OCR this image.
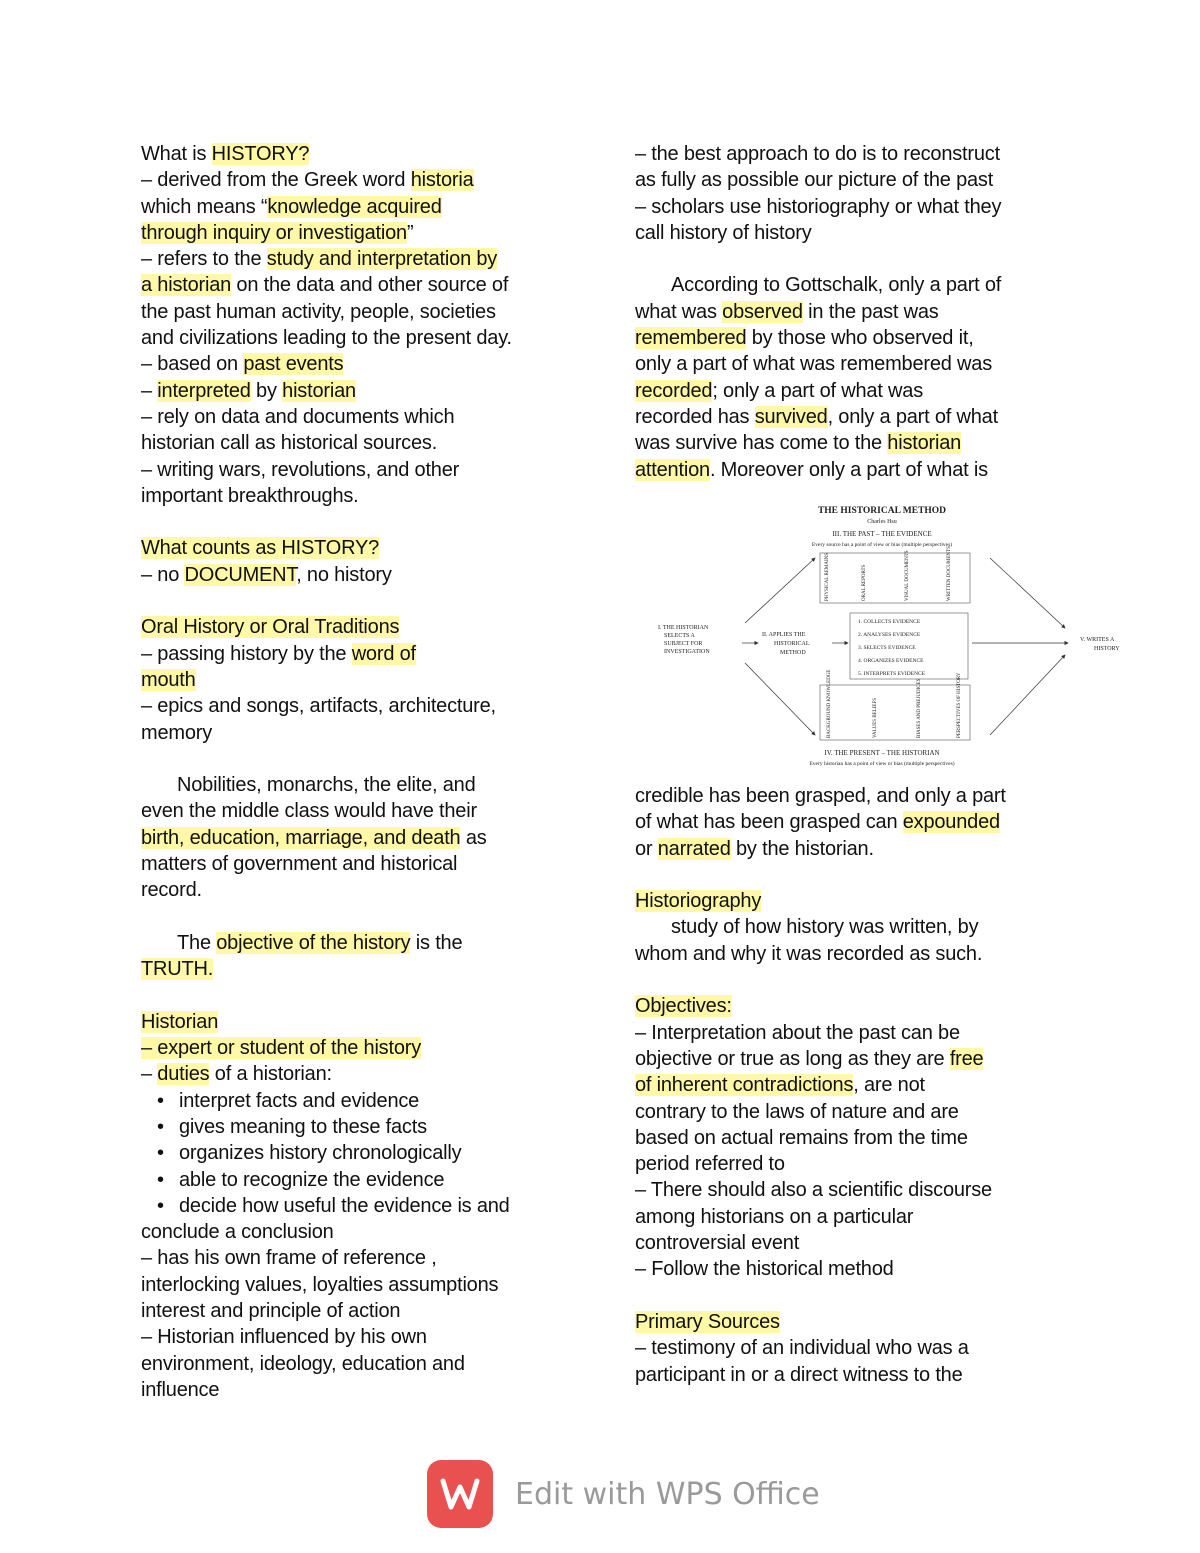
What is HISTORY?
– derived from the Greek word historia
which means “knowledge acquired
through inquiry or investigation”
– refers to the study and interpretation by
a historian on the data and other source of
the past human activity, people, societies
and civilizations leading to the present day.
– based on past events
– interpreted by historian
– rely on data and documents which
historian call as historical sources.
– writing wars, revolutions, and other
important breakthroughs.
What counts as HISTORY?
– no DOCUMENT, no history
Oral History or Oral Traditions
– passing history by the word of
mouth
– epics and songs, artifacts, architecture,
memory
Nobilities, monarchs, the elite, and
even the middle class would have their
birth, education, marriage, and death as
matters of government and historical
record.
The objective of the history is the
TRUTH.
Historian
– expert or student of the history
– duties of a historian:
• interpret facts and evidence
• gives meaning to these facts
• organizes history chronologically
• able to recognize the evidence
• decide how useful the evidence is and
conclude a conclusion
– has his own frame of reference ,
interlocking values, loyalties assumptions
interest and principle of action
– Historian influenced by his own
environment, ideology, education and
influence
– the best approach to do is to reconstruct
as fully as possible our picture of the past
– scholars use historiography or what they
call history of history
According to Gottschalk, only a part of
what was observed in the past was
remembered by those who observed it,
only a part of what was remembered was
recorded; only a part of what was
recorded has survived, only a part of what
was survive has come to the historian
attention. Moreover only a part of what is
THE HISTORICAL METHOD
Charles Hsu
III. THE PAST – THE EVIDENCE
Every source has a point of view or bias (multiple perspectives)
PHYSICAL REMAINS	ORAL REPORTS	VISUAL DOCUMENTS	WRITTEN DOCUMENTS
I. THE HISTORIAN
SELECTS A
SUBJECT FOR
INVESTIGATION
II. APPLIES THE
HISTORICAL
METHOD
1. COLLECTS EVIDENCE
2. ANALYSES EVIDENCE
3. SELECTS EVIDENCE
4. ORGANIZES EVIDENCE
5. INTERPRETS EVIDENCE
V. WRITES A
HISTORY
BACKGROUND KNOWLEDGE	VALUES BELIEFS	BIASES AND PREJUDICES	PERSPECTIVES OF HISTORY
IV. THE PRESENT – THE HISTORIAN
Every historian has a point of view or bias (multiple perspectives)
credible has been grasped, and only a part
of what has been grasped can expounded
or narrated by the historian.
Historiography
study of how history was written, by
whom and why it was recorded as such.
Objectives:
– Interpretation about the past can be
objective or true as long as they are free
of inherent contradictions, are not
contrary to the laws of nature and are
based on actual remains from the time
period referred to
– There should also a scientific discourse
among historians on a particular
controversial event
– Follow the historical method
Primary Sources
– testimony of an individual who was a
participant in or a direct witness to the
Edit with WPS Office
